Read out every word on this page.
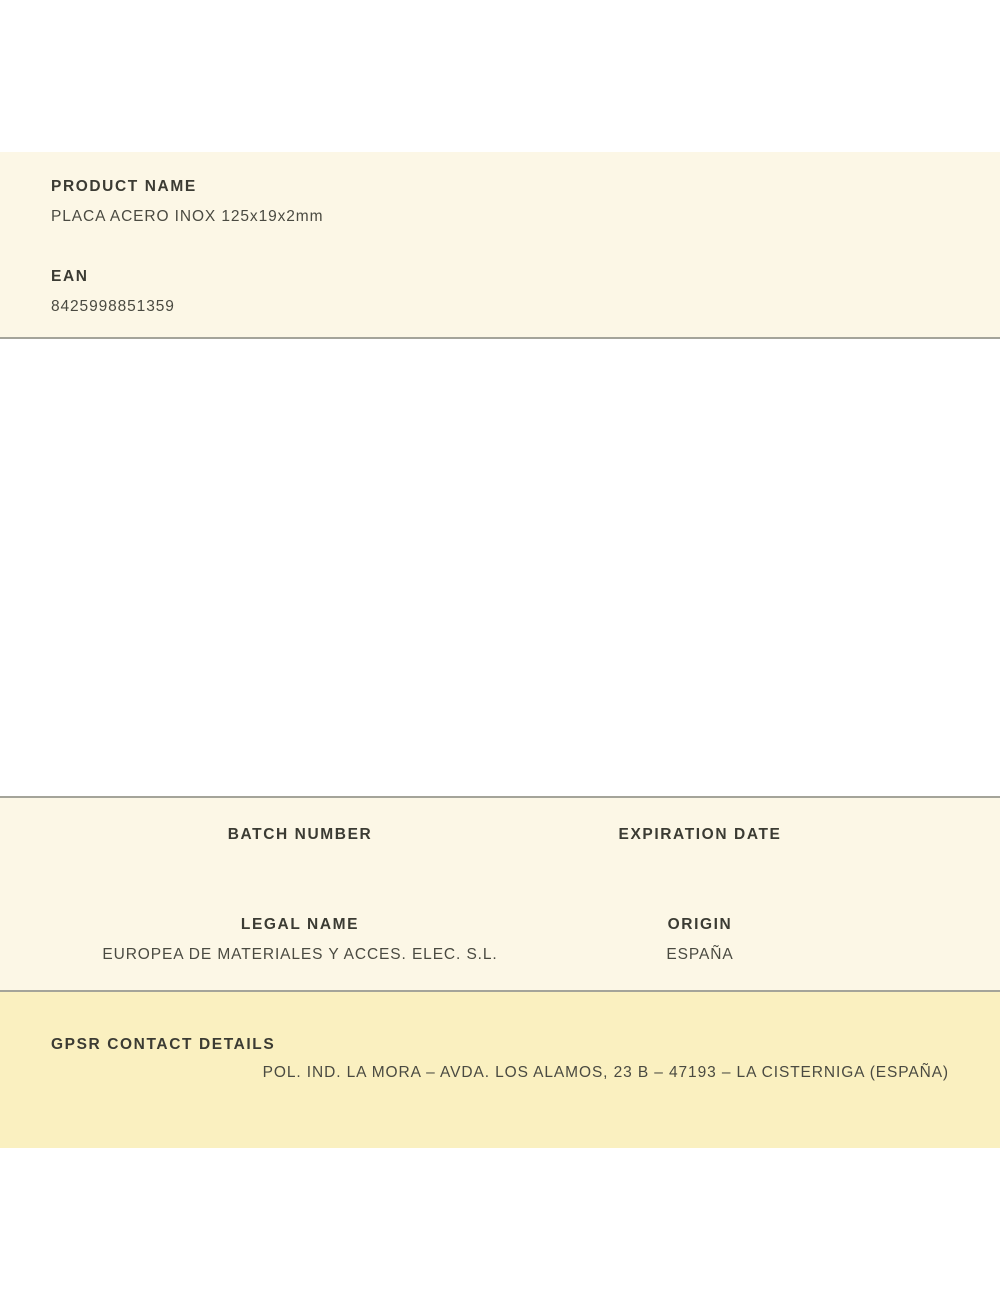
PRODUCT NAME
PLACA ACERO INOX 125x19x2mm
EAN
8425998851359
BATCH NUMBER
LEGAL NAME
EUROPEA DE MATERIALES Y ACCES. ELEC. S.L.
EXPIRATION DATE
ORIGIN
ESPAÑA
GPSR CONTACT DETAILS
POL. IND. LA MORA – AVDA. LOS ALAMOS, 23 B – 47193 – LA CISTERNIGA (ESPAÑA)
